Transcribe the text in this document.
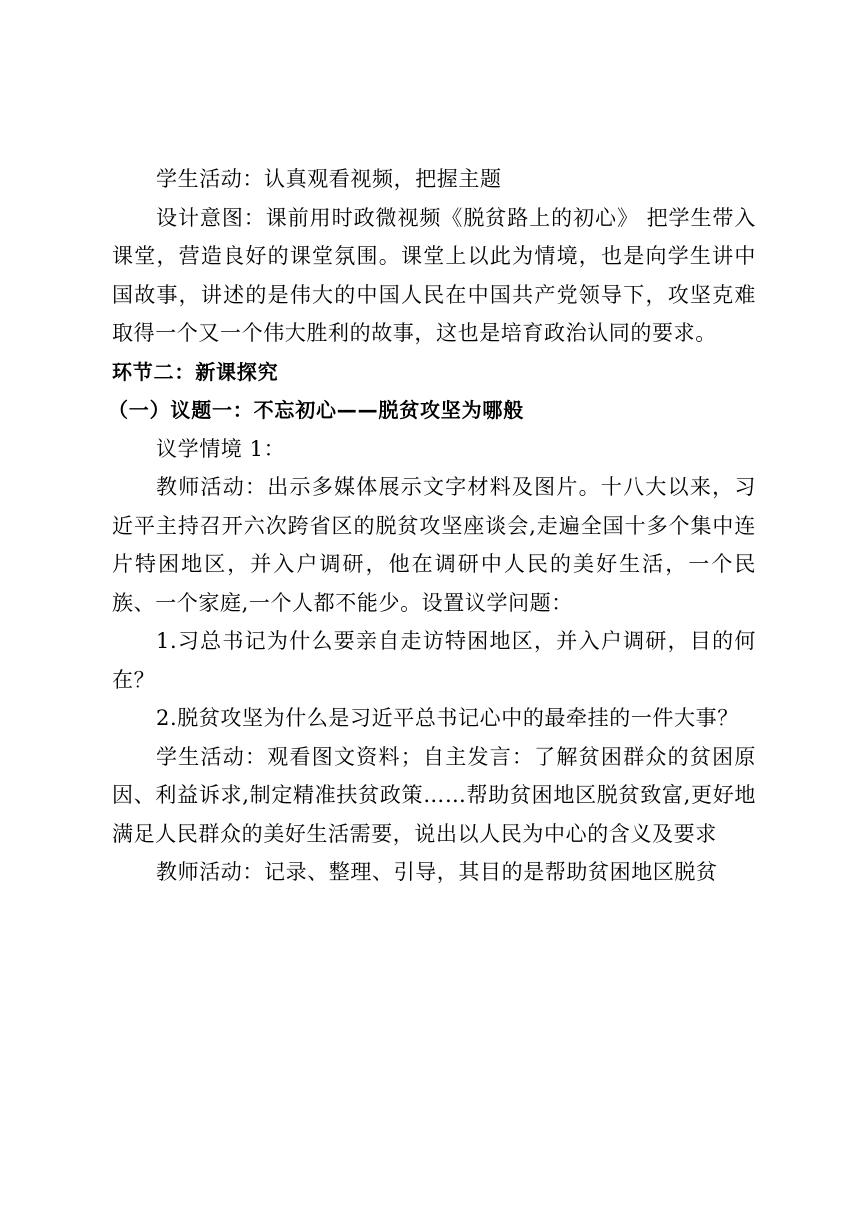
学生活动：认真观看视频，把握主题

设计意图：课前用时政微视频《脱贫路上的初心》 把学生带入课堂，营造良好的课堂氛围。课堂上以此为情境，也是向学生讲中国故事，讲述的是伟大的中国人民在中国共产党领导下，攻坚克难取得一个又一个伟大胜利的故事，这也是培育政治认同的要求。

环节二：新课探究

（一）议题一：不忘初心——脱贫攻坚为哪般

议学情境 1：

教师活动：出示多媒体展示文字材料及图片。十八大以来，习近平主持召开六次跨省区的脱贫攻坚座谈会,走遍全国十多个集中连片特困地区，并入户调研，他在调研中人民的美好生活，一个民族、一个家庭,一个人都不能少。设置议学问题：

1.习总书记为什么要亲自走访特困地区，并入户调研，目的何在？

2.脱贫攻坚为什么是习近平总书记心中的最牵挂的一件大事？

学生活动：观看图文资料；自主发言：了解贫困群众的贫困原因、利益诉求,制定精准扶贫政策……帮助贫困地区脱贫致富,更好地满足人民群众的美好生活需要，说出以人民为中心的含义及要求

教师活动：记录、整理、引导，其目的是帮助贫困地区脱贫
